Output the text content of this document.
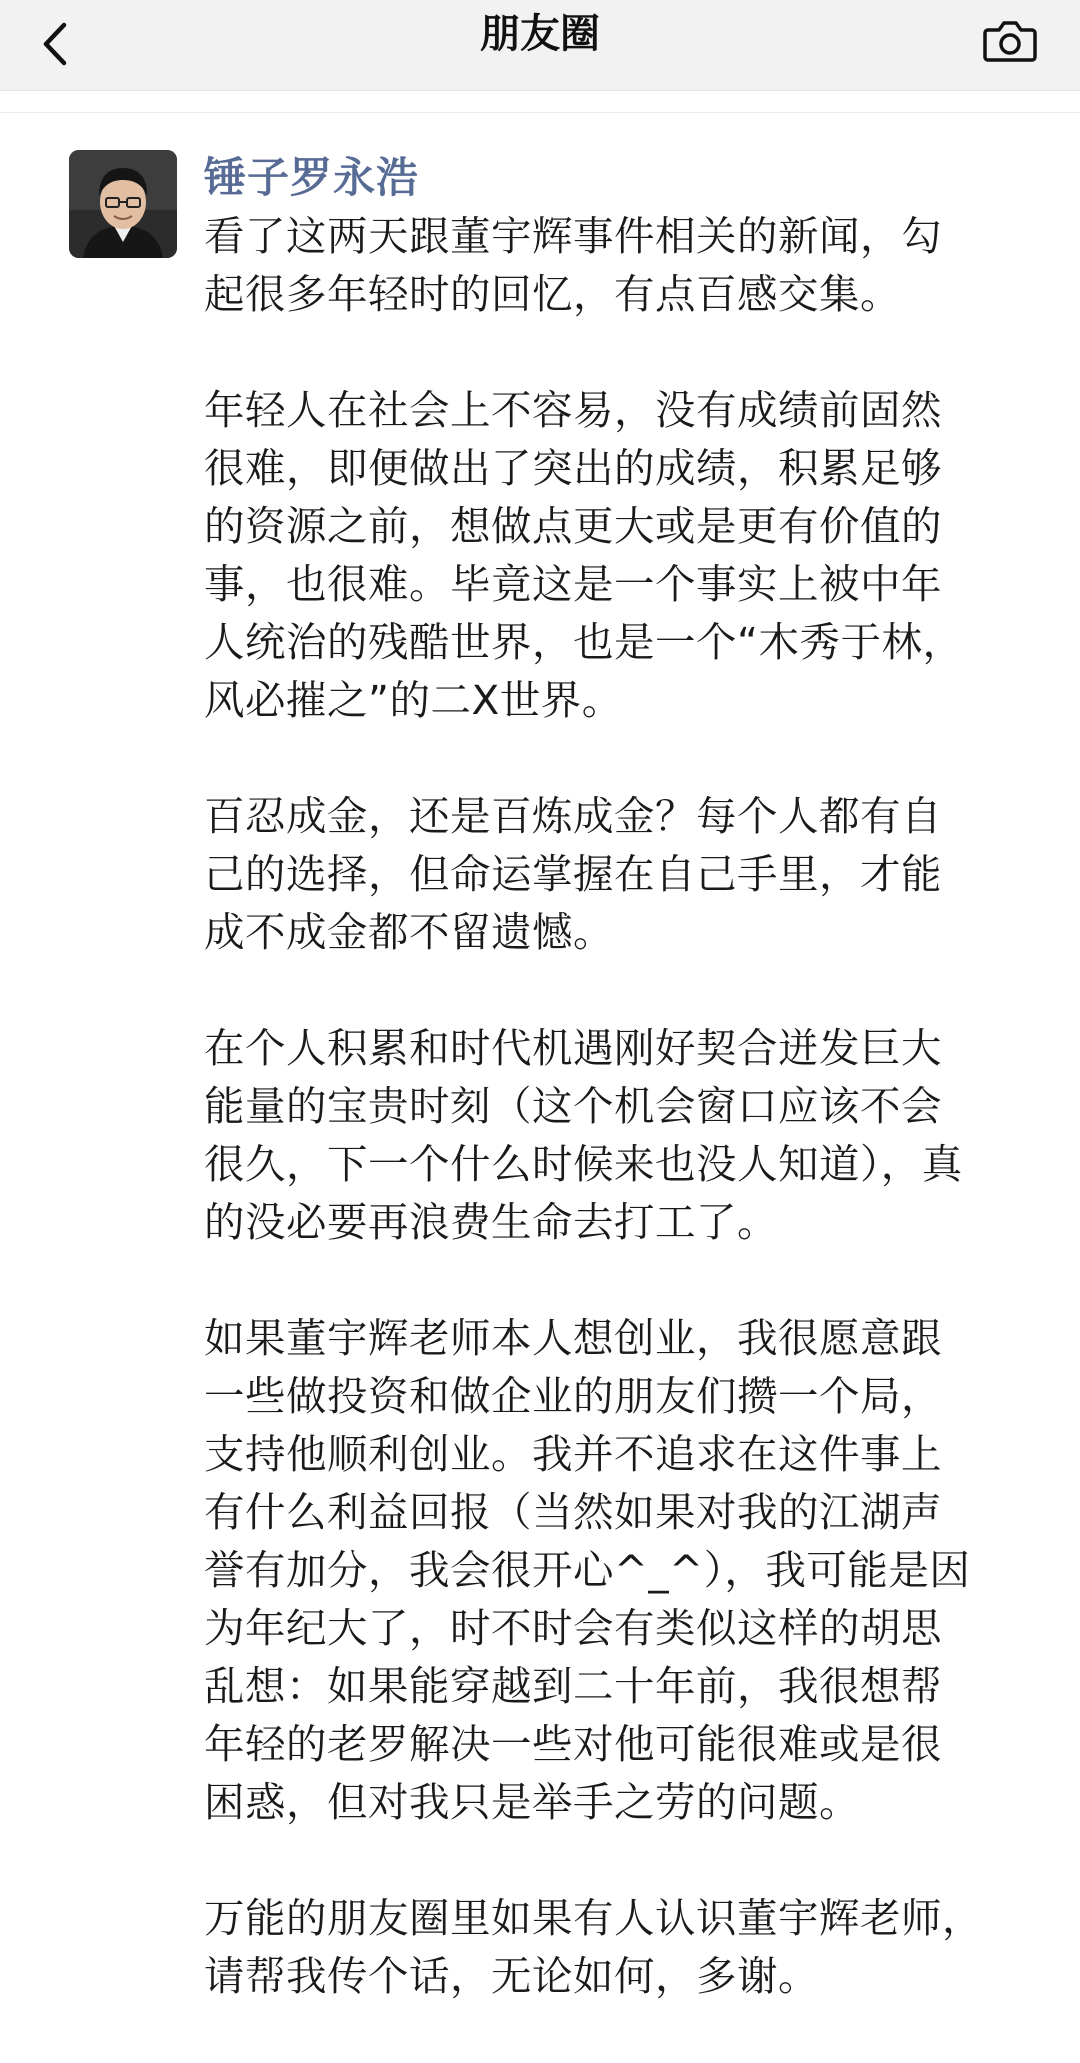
朋友圈
锤子罗永浩

看了这两天跟董宇辉事件相关的新闻，勾
起很多年轻时的回忆，有点百感交集。

年轻人在社会上不容易，没有成绩前固然
很难，即便做出了突出的成绩，积累足够
的资源之前，想做点更大或是更有价值的
事，也很难。毕竟这是一个事实上被中年
人统治的残酷世界，也是一个“木秀于林，
风必摧之”的二X世界。

百忍成金，还是百炼成金？每个人都有自
己的选择，但命运掌握在自己手里，才能
成不成金都不留遗憾。

在个人积累和时代机遇刚好契合迸发巨大
能量的宝贵时刻（这个机会窗口应该不会
很久，下一个什么时候来也没人知道），真
的没必要再浪费生命去打工了。

如果董宇辉老师本人想创业，我很愿意跟
一些做投资和做企业的朋友们攒一个局，
支持他顺利创业。我并不追求在这件事上
有什么利益回报（当然如果对我的江湖声
誉有加分，我会很开心^_^），我可能是因
为年纪大了，时不时会有类似这样的胡思
乱想：如果能穿越到二十年前，我很想帮
年轻的老罗解决一些对他可能很难或是很
困惑，但对我只是举手之劳的问题。

万能的朋友圈里如果有人认识董宇辉老师，
请帮我传个话，无论如何，多谢。
